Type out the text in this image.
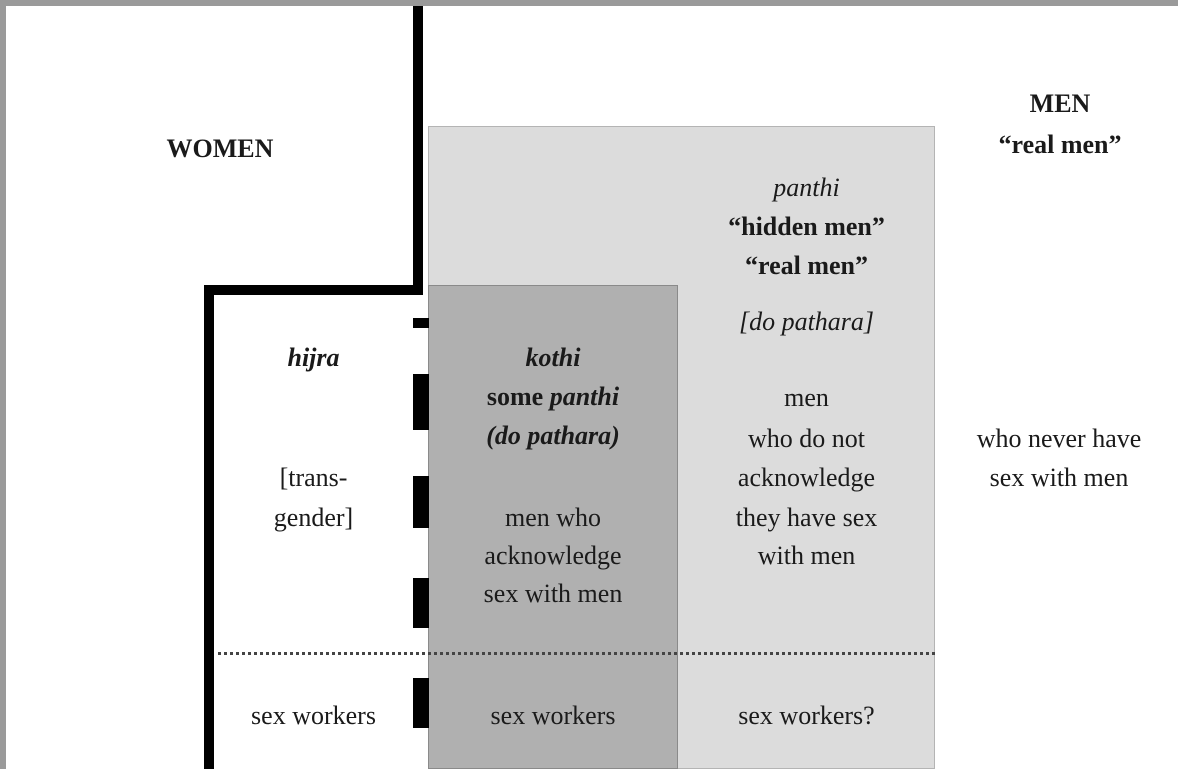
WOMEN
MEN
“real men”
panthi
“hidden men”
“real men”
[do pathara]
men
who do not
acknowledge
they have sex
with men
sex workers?
kothi
some panthi
(do pathara)
men who
acknowledge
sex with men
sex workers
hijra
[trans-
gender]
sex workers
who never have
sex with men
